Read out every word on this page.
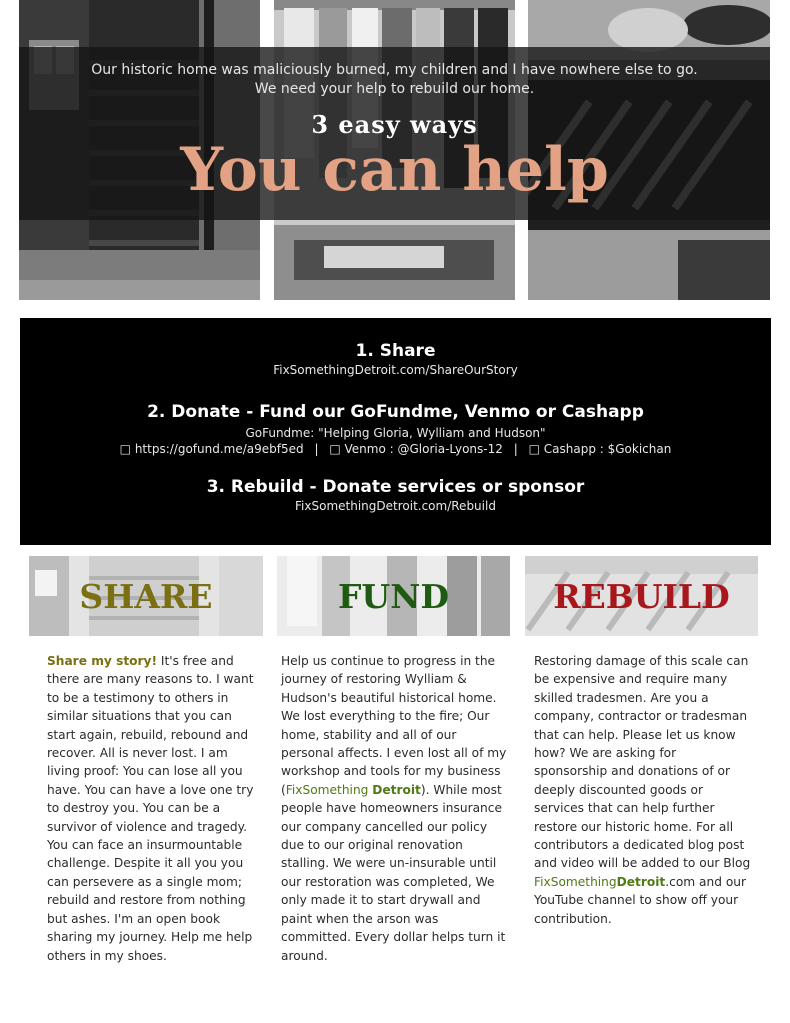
Our historic home was maliciously burned, my children and I have nowhere else to go.
We need your help to rebuild our home.
3 easy ways
You can help
1. Share
FixSomethingDetroit.com/ShareOurStory
2. Donate - Fund our GoFundme, Venmo or Cashapp
GoFundme: "Helping Gloria, Wylliam and Hudson"
□ https://gofund.me/a9ebf5ed | □ Venmo : @Gloria-Lyons-12 | □ Cashapp : $Gokichan
3. Rebuild - Donate services or sponsor
FixSomethingDetroit.com/Rebuild
SHARE	FUND	REBUILD
Share my story! It's free and there are many reasons to. I want to be a testimony to others in similar situations that you can start again, rebuild, rebound and recover. All is never lost. I am living proof: You can lose all you have. You can have a love one try to destroy you. You can be a survivor of violence and tragedy. You can face an insurmountable challenge. Despite it all you you can persevere as a single mom; rebuild and restore from nothing but ashes. I'm an open book sharing my journey. Help me help others in my shoes.
Help us continue to progress in the journey of restoring Wylliam & Hudson's beautiful historical home. We lost everything to the fire; Our home, stability and all of our personal affects. I even lost all of my workshop and tools for my business (FixSomething Detroit). While most people have homeowners insurance our company cancelled our policy due to our original renovation stalling. We were un-insurable until our restoration was completed, We only made it to start drywall and paint when the arson was committed. Every dollar helps turn it around.
Restoring damage of this scale can be expensive and require many skilled tradesmen. Are you a company, contractor or tradesman that can help. Please let us know how? We are asking for sponsorship and donations of or deeply discounted goods or services that can help further restore our historic home. For all contributors a dedicated blog post and video will be added to our Blog FixSomethingDetroit.com and our YouTube channel to show off your contribution.
